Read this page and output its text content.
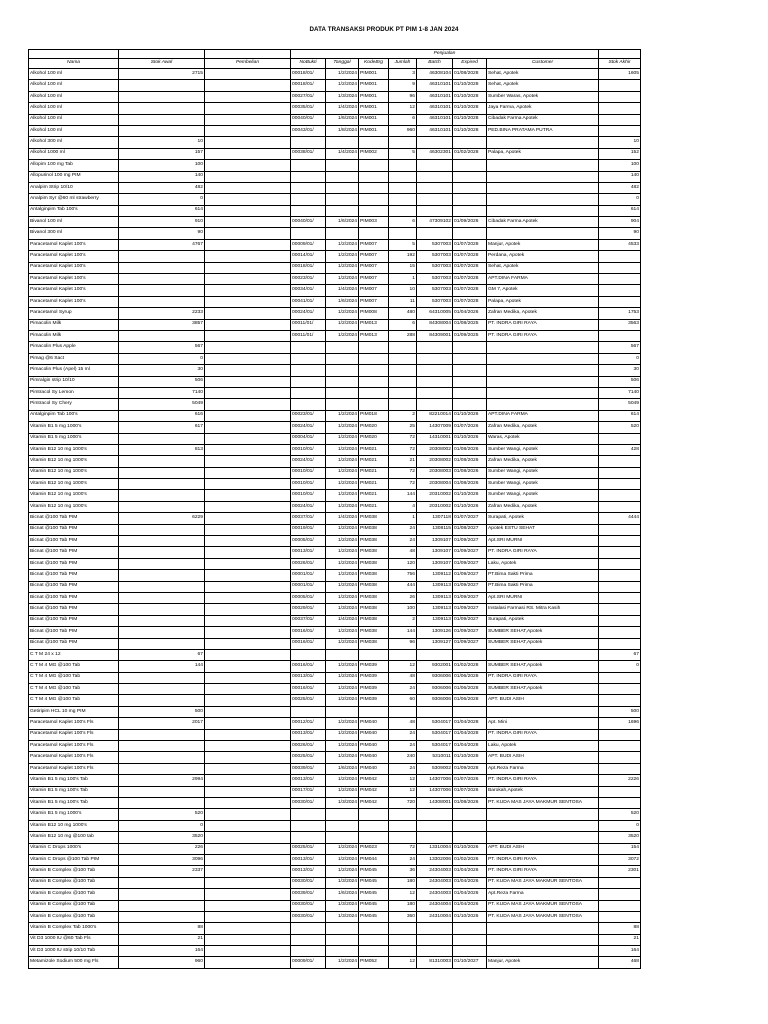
DATA TRANSAKSI PRODUK PT PIM 1-8 JAN 2024
			Penjualan							
Nama	Stok Awal	Pembelian	NoBukti	Tanggal	KodeBrg	Jumlah	Batch	Expired	Customer	Stok Akhir
Alkohol 100 ml	2715		00018/01/	1/2/2024	PIM001	3	46308104	01/08/2028	Sehat, Apotek	1605
Alkohol 100 ml			00018/01/	1/2/2024	PIM001	9	46310101	01/10/2028	Sehat, Apotek	
Alkohol 100 ml			00027/01/	1/3/2024	PIM001	96	46310101	01/10/2028	Sumber Waras, Apotek	
Alkohol 100 ml			00035/01/	1/4/2024	PIM001	12	46310101	01/10/2028	Jaya Farma, Apotek	
Alkohol 100 ml			00040/01/	1/6/2024	PIM001	6	46310101	01/10/2028	Cibadak Farma Apotek	
Alkohol 100 ml			00043/01/	1/8/2024	PIM001	960	46310101	01/10/2028	PED.BINA PRATAMA PUTRA	
Alkohol 300 ml	10									10
Alkohol 1000 ml	157		00038/01/	1/4/2024	PIM002	5	46302301	01/02/2028	Palapa, Apotek	152
Allopim 100 mg Tab	100									100
Allopurinol 100 mg PIM	140									140
Analpim Strip 10/10	482									482
Analpim Syr @60 ml strawberry	0									0
Antalginpim Tab 100's	614									614
Bivanol 100 ml	910		00040/01/	1/6/2024	PIM003	6	47309102	01/09/2026	Cibadak Farma Apotek	904
Bivanol 300 ml	90									90
Paracetamol Kaplet 100's	4767		00009/01/	1/2/2024	PIM007	5	5307003	01/07/2028	Manjur, Apotek	4533
Paracetamol Kaplet 100's			00014/01/	1/2/2024	PIM007	192	5307003	01/07/2028	Perdana, Apotek	
Paracetamol Kaplet 100's			00018/01/	1/2/2024	PIM007	15	5307003	01/07/2028	Sehat, Apotek	
Paracetamol Kaplet 100's			00023/01/	1/2/2024	PIM007	1	5307003	01/07/2028	APT.DINA FARMA	
Paracetamol Kaplet 100's			00034/01/	1/4/2024	PIM007	10	5307003	01/07/2028	GM 7, Apotek	
Paracetamol Kaplet 100's			00041/01/	1/6/2024	PIM007	11	5307003	01/07/2028	Palapa, Apotek	
Paracetamol Syrup	2233		00024/01/	1/2/2024	PIM008	480	64310005	01/04/2026	Zafran Medika, Apotek	1753
Pimacolin Milk	3857		00011/01/	1/2/2024	PIM013	6	84308004	01/08/2025	PT. INDRA GIRI RAYA	3563
Pimacolin Milk			00011/01/	1/2/2024	PIM013	288	84309001	01/09/2025	PT. INDRA GIRI RAYA	
Pimacolin Plus Apple	567									567
Pimag @6 Sact	0									0
Pimacolin Plus (Apel) 15 ml	30									30
Pimralgin strip 10/10	506									506
Pimtracol Sy Lemon	7140									7140
Pimtracol Sy Chery	5049									5049
Antalginpim Tab 100's	616		00023/01/	1/2/2024	PIM018	2	82210014	01/10/2026	APT.DINA FARMA	614
Vitamin B1 5 mg 1000's	617		00024/01/	1/2/2024	PIM020	25	14307009	01/07/2026	Zafran Medika, Apotek	520
Vitamin B1 5 mg 1000's			00004/01/	1/2/2024	PIM020	72	14310001	01/10/2026	Waras, Apotek	
Vitamin B12 10 mg 1000's	813		00010/01/	1/2/2024	PIM021	72	20308002	01/08/2026	Sumber Wangi, Apotek	428
Vitamin B12 10 mg 1000's			00024/01/	1/2/2024	PIM021	21	20308002	01/08/2026	Zafran Medika, Apotek	
Vitamin B12 10 mg 1000's			00010/01/	1/2/2024	PIM021	72	20308003	01/08/2026	Sumber Wangi, Apotek	
Vitamin B12 10 mg 1000's			00010/01/	1/2/2024	PIM021	72	20308004	01/08/2026	Sumber Wangi, Apotek	
Vitamin B12 10 mg 1000's			00010/01/	1/2/2024	PIM021	144	20310002	01/10/2026	Sumber Wangi, Apotek	
Vitamin B12 10 mg 1000's			00024/01/	1/2/2024	PIM021	4	20310002	01/10/2026	Zafran Medika, Apotek	
Bicnat @100 Tab PIM	6229		00037/01/	1/4/2024	PIM038	1	1307118	01/07/2027	Surapati, Apotek	4444
Bicnat @100 Tab PIM			00019/01/	1/2/2024	PIM038	24	1308115	01/08/2027	Apotek ESTU SEHAT	
Bicnat @100 Tab PIM			00005/01/	1/2/2024	PIM038	24	1309107	01/09/2027	Apt.SRI MURNI	
Bicnat @100 Tab PIM			00013/01/	1/2/2024	PIM038	48	1309107	01/09/2027	PT. INDRA GIRI RAYA	
Bicnat @100 Tab PIM			00026/01/	1/2/2024	PIM038	120	1309107	01/09/2027	Laku, Apotek	
Bicnat @100 Tab PIM			00001/01/	1/2/2024	PIM038	756	1309112	01/09/2027	PT.Bima Sakti Prima	
Bicnat @100 Tab PIM			00001/01/	1/2/2024	PIM038	444	1309113	01/09/2027	PT.Bima Sakti Prima	
Bicnat @100 Tab PIM			00005/01/	1/2/2024	PIM038	26	1309113	01/09/2027	Apt.SRI MURNI	
Bicnat @100 Tab PIM			00029/01/	1/3/2024	PIM038	100	1309113	01/09/2027	Instalasi Farmasi RS. Mitra Kasih	
Bicnat @100 Tab PIM			00037/01/	1/4/2024	PIM038	2	1309113	01/09/2027	Surapati, Apotek	
Bicnat @100 Tab PIM			00016/01/	1/2/2024	PIM038	144	1309126	01/09/2027	SUMBER SEHAT,Apotek	
Bicnat @100 Tab PIM			00016/01/	1/2/2024	PIM038	96	1309127	01/09/2027	SUMBER SEHAT,Apotek	
C T M 24 x 12	67									67
C T M 4 MG @100 Tab	144		00016/01/	1/2/2024	PIM039	12	9302001	01/02/2028	SUMBER SEHAT,Apotek	0
C T M 4 MG @100 Tab			00013/01/	1/2/2024	PIM039	48	9306006	01/06/2028	PT. INDRA GIRI RAYA	
C T M 4 MG @100 Tab			00016/01/	1/2/2024	PIM039	24	9306006	01/06/2028	SUMBER SEHAT,Apotek	
C T M 4 MG @100 Tab			00025/01/	1/2/2024	PIM039	60	9306006	01/06/2028	APT. BUDI ASIH	
Getiripim HCL 10 mg PIM	500									500
Paracetamol Kaplet 100's Fls	2017		00012/01/	1/2/2024	PIM040	48	5304017	01/04/2028	Apt. Mini	1696
Paracetamol Kaplet 100's Fls			00013/01/	1/2/2024	PIM040	24	5304017	01/04/2028	PT. INDRA GIRI RAYA	
Paracetamol Kaplet 100's Fls			00026/01/	1/2/2024	PIM040	24	5304017	01/04/2028	Laku, Apotek	
Paracetamol Kaplet 100's Fls			00025/01/	1/2/2024	PIM040	240	5310011	01/10/2028	APT. BUDI ASIH	
Paracetamol Kaplet 100's Fls			00039/01/	1/6/2024	PIM040	24	5309002	01/09/2028	Apt.Reza Farma	
Vitamin B1 5 mg 100's Tab	2994		00013/01/	1/2/2024	PIM042	12	14307006	01/07/2026	PT. INDRA GIRI RAYA	2226
Vitamin B1 5 mg 100's Tab			00017/01/	1/2/2024	PIM042	12	14307006	01/07/2026	Barokah,Apotek	
Vitamin B1 5 mg 100's Tab			00030/01/	1/3/2024	PIM042	720	14308001	01/08/2026	PT. KUDA MAS JAYA MAKMUR SENTOSA	
Vitamin B1 5 mg 1000's	520									520
Vitamin B12 10 mg 1000's	0									0
Vitamin B12 10 mg @100 tab	3520									3520
Vitamin C Drops 1000's	226		00025/01/	1/2/2024	PIM023	72	13310004	01/10/2026	APT. BUDI ASIH	154
Vitamin C Drops @100 Tab PIM	3096		00013/01/	1/2/2024	PIM044	24	13302006	01/02/2026	PT. INDRA GIRI RAYA	3072
Vitamin B Complex @100 Tab	2337		00013/01/	1/2/2024	PIM045	36	24304003	01/04/2026	PT. INDRA GIRI RAYA	2301
Vitamin B Complex @100 Tab			00030/01/	1/3/2024	PIM045	180	24304003	01/04/2026	PT. KUDA MAS JAYA MAKMUR SENTOSA	
Vitamin B Complex @100 Tab			00039/01/	1/6/2024	PIM045	12	24304003	01/04/2026	Apt.Reza Farma	
Vitamin B Complex @100 Tab			00030/01/	1/3/2024	PIM045	180	24304004	01/04/2026	PT. KUDA MAS JAYA MAKMUR SENTOSA	
Vitamin B Complex @100 Tab			00030/01/	1/3/2024	PIM045	360	24310004	01/10/2026	PT. KUDA MAS JAYA MAKMUR SENTOSA	
Vitamin B Complex Tab 1000's	88									88
Vit D3 1000 IU @60 Tab Fls	21									21
Vit D3 1000 IU strip 10/10 Tab	164									164
Metamizole Sodium 500 mg Fls	960		00009/01/	1/2/2024	PIM052	12	81310003	01/10/2027	Manjur, Apotek	468
